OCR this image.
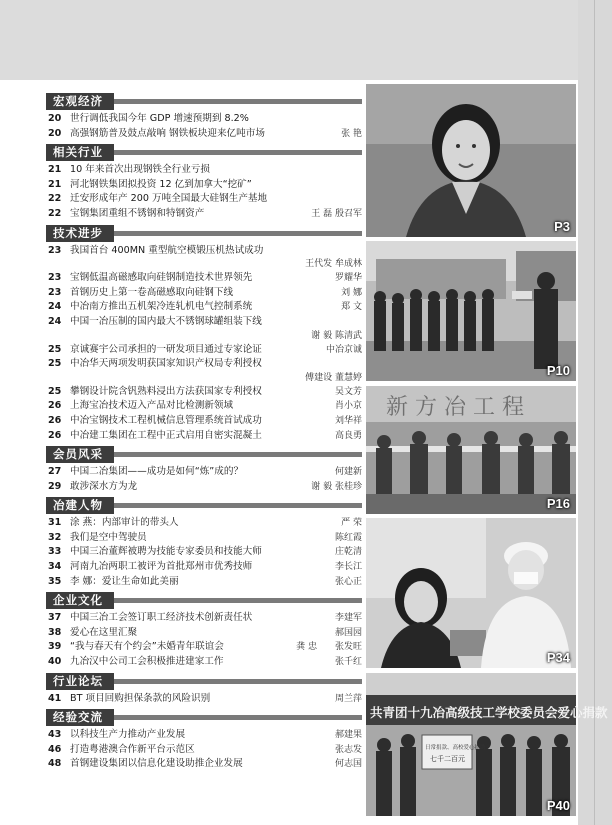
宏观经济
20 世行调低我国今年 GDP 增速预期到 8.2%
20 高强钢筋普及鼓点敲响 钢铁板块迎来亿吨市场	张 艳
相关行业
21 10 年来首次出现钢铁全行业亏损
21 河北钢铁集团拟投资 12 亿到加拿大“挖矿”
22 迁安形成年产 200 万吨全国最大硅钢生产基地
22 宝钢集团重组不锈钢和特钢资产	王 磊 殷召军
技术进步
23 我国首台 400MN 重型航空模锻压机热试成功
王代发 牟成林
23 宝钢低温高磁感取向硅钢制造技术世界领先	罗耀华
23 首钢历史上第一卷高磁感取向硅钢下线	刘 娜
24 中冶南方推出五机架冷连轧机电气控制系统	郑 文
24 中国一冶压制的国内最大不锈钢球罐组装下线
谢 毅 陈清武
25 京诚赛宇公司承担的一研发项目通过专家论证	中冶京诚
25 中冶华天两项发明获国家知识产权局专利授权
傅建设 董慧婷
25 攀钢设计院含钒熟料浸出方法获国家专利授权	吴文芳
26 上海宝冶技术迈入产品对比检测新领域	肖小京
26 中冶宝钢技术工程机械信息管理系统首试成功	刘华祥
26 中冶建工集团在工程中正式启用自密实混凝土	高良勇
会员风采
27 中国二冶集团——成功是如何“炼”成的？	何建新
29 敢涉深水方为龙	谢 毅 张桂珍
冶建人物
31 涂 燕：内部审计的带头人	严 荣
32 我们是空中驾驶员	陈红霞
33 中国三冶董辉被聘为技能专家委员和技能大师	庄乾清
34 河南九冶两职工被评为首批郑州市优秀技师	李长江
35 李 娜：爱让生命如此美丽	张心正
企业文化
37 中国三冶工会签订职工经济技术创新责任状	李建军
38 爱心在这里汇聚	郝国园
39 “我与春天有个约会”未婚青年联谊会	龚 忠	张发旺
40 九冶汉中公司工会积极推进建家工作	张千红
行业论坛
41 BT 项目回购担保条款的风险识别	周兰萍
经验交流
43 以科技生产力推动产业发展	郝建果
46 打造粤港澳合作新平台示范区	张志发
48 首钢建设集团以信息化建设助推企业发展	何志国
P3
P10
新 方 冶 工 程
P16
P34
共青团十九冶高级技工学校委员会爱心捐款
日常捐款、高校爱心捐助
七千二百元
P40
